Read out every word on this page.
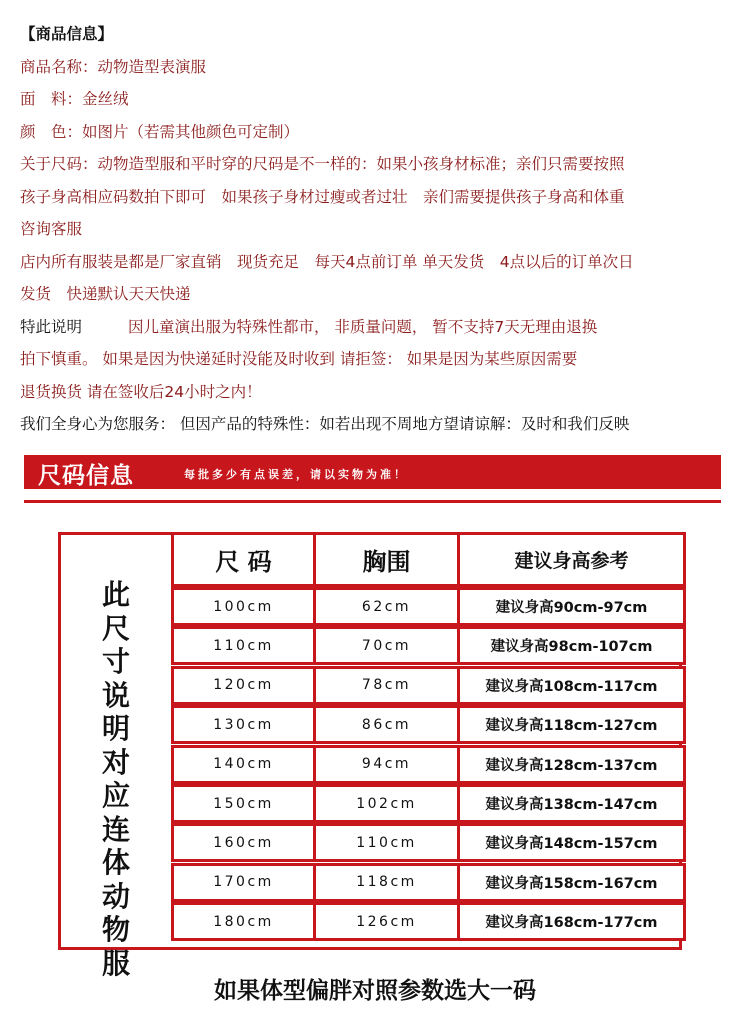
【商品信息】
商品名称：动物造型表演服
面　料：金丝绒
颜　色：如图片（若需其他颜色可定制）
关于尺码：动物造型服和平时穿的尺码是不一样的：如果小孩身材标准；亲们只需要按照
孩子身高相应码数拍下即可　如果孩子身材过瘦或者过壮　亲们需要提供孩子身高和体重
咨询客服
店内所有服装是都是厂家直销　现货充足　每天4点前订单 单天发货　4点以后的订单次日
发货　快递默认天天快递
特此说明	因儿童演出服为特殊性都市， 非质量问题， 暂不支持7天无理由退换
拍下慎重。 如果是因为快递延时没能及时收到 请拒签： 如果是因为某些原因需要
退货换货 请在签收后24小时之内！
我们全身心为您服务： 但因产品的特殊性：如若出现不周地方望请谅解：及时和我们反映
尺码信息	每批多少有点误差，请以实物为准！
此尺寸说明对应连体动物服
尺 码	胸围	建议身高参考
100cm	62cm	建议身高90cm-97cm
110cm	70cm	建议身高98cm-107cm
120cm	78cm	建议身高108cm-117cm
130cm	86cm	建议身高118cm-127cm
140cm	94cm	建议身高128cm-137cm
150cm	102cm	建议身高138cm-147cm
160cm	110cm	建议身高148cm-157cm
170cm	118cm	建议身高158cm-167cm
180cm	126cm	建议身高168cm-177cm
如果体型偏胖对照参数选大一码
